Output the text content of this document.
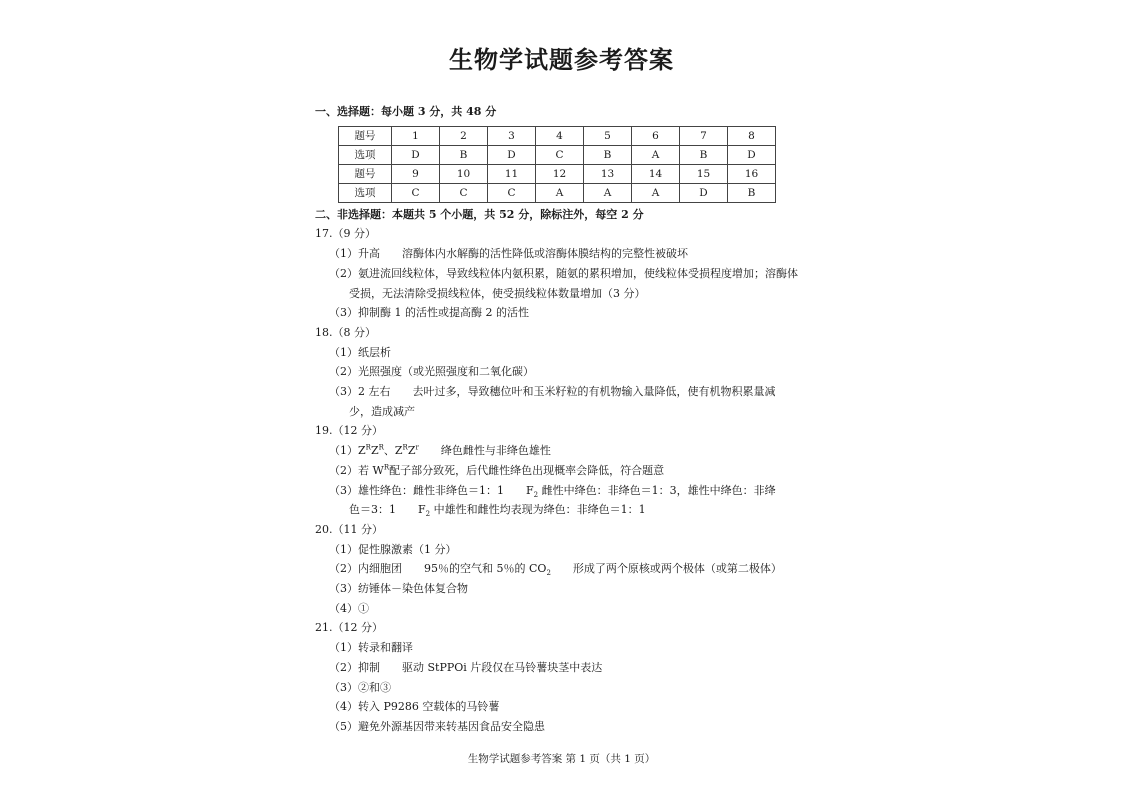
生物学试题参考答案
一、选择题：每小题 3 分，共 48 分
题号	1	2	3	4	5	6	7	8
选项	D	B	D	C	B	A	B	D
题号	9	10	11	12	13	14	15	16
选项	C	C	C	A	A	A	D	B
二、非选择题：本题共 5 个小题，共 52 分，除标注外，每空 2 分
17.（9 分）
（1）升高 溶酶体内水解酶的活性降低或溶酶体膜结构的完整性被破坏
（2）氨进流回线粒体，导致线粒体内氨积累，随氨的累积增加，使线粒体受损程度增加；溶酶体
受损，无法清除受损线粒体，使受损线粒体数量增加（3 分）
（3）抑制酶 1 的活性或提高酶 2 的活性
18.（8 分）
（1）纸层析
（2）光照强度（或光照强度和二氧化碳）
（3）2 左右 去叶过多，导致穗位叶和玉米籽粒的有机物输入量降低，使有机物积累量减
少，造成减产
19.（12 分）
$(1)Z^RZ^R$、$Z^RZ^r$ 绛色雌性与非绛色雄性
（2）若 $W^R$配子部分致死，后代雌性绛色出现概率会降低，符合题意
（3）雄性绛色：雌性非绛色＝1：1 $F_2$ 雌性中绛色：非绛色＝1：3，雄性中绛色：非绛
色＝3：1 $F_2$ 中雄性和雌性均表现为绛色：非绛色＝1：1
20.（11 分）
（1）促性腺激素（1 分）
（2）内细胞团 95％的空气和 5％的 $CO_2$ 形成了两个原核或两个极体（或第二极体）
（3）纺锤体－染色体复合物
（4）①
21.（12 分）
（1）转录和翻译
（2）抑制 驱动 StPPOi 片段仅在马铃薯块茎中表达
（3）②和③
（4）转入 P9286 空载体的马铃薯
（5）避免外源基因带来转基因食品安全隐患
生物学试题参考答案 第 1 页（共 1 页）
